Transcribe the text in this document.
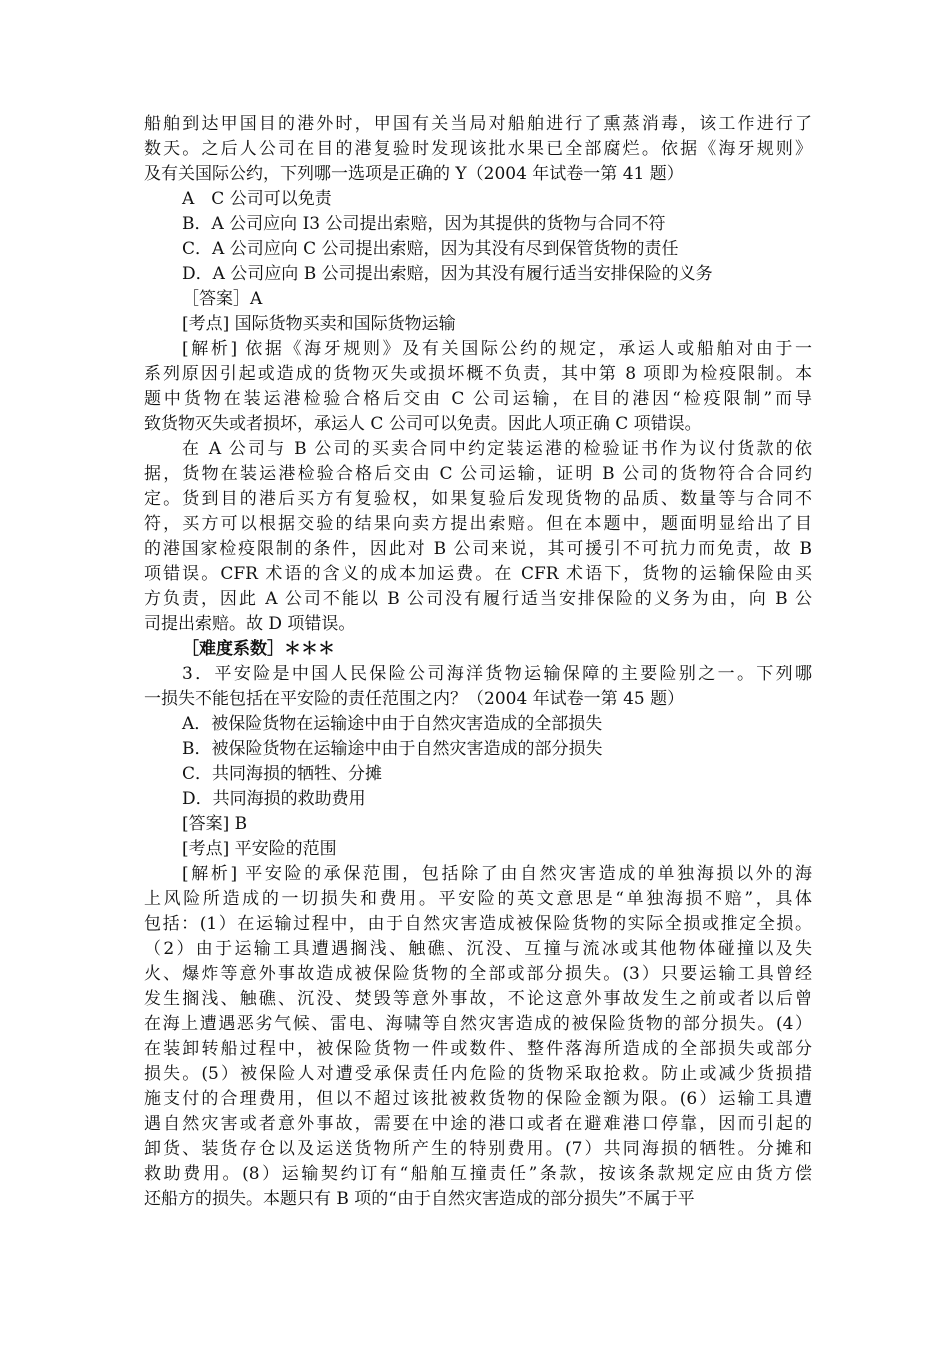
船舶到达甲国目的港外时，甲国有关当局对船舶进行了熏蒸消毒，该工作进行了
数天。之后人公司在目的港复验时发现该批水果已全部腐烂。依据《海牙规则》
及有关国际公约，下列哪一选项是正确的 Y（2004 年试卷一第 41 题）
A　C 公司可以免责
B．A 公司应向 I3 公司提出索赔，因为其提供的货物与合同不符
C．A 公司应向 C 公司提出索赔，因为其没有尽到保管货物的责任
D．A 公司应向 B 公司提出索赔，因为其没有履行适当安排保险的义务
［答案］A
[考点] 国际货物买卖和国际货物运输
[解析] 依据《海牙规则》及有关国际公约的规定，承运人或船舶对由于一
系列原因引起或造成的货物灭失或损坏概不负责，其中第 8 项即为检疫限制。本
题中货物在装运港检验合格后交由 C 公司运输，在目的港因“检疫限制”而导
致货物灭失或者损坏，承运人 C 公司可以免责。因此人项正确 C 项错误。
在 A 公司与 B 公司的买卖合同中约定装运港的检验证书作为议付货款的依
据，货物在装运港检验合格后交由 C 公司运输，证明 B 公司的货物符合合同约
定。货到目的港后买方有复验权，如果复验后发现货物的品质、数量等与合同不
符，买方可以根据交验的结果向卖方提出索赔。但在本题中，题面明显给出了目
的港国家检疫限制的条件，因此对 B 公司来说，其可援引不可抗力而免责，故 B
项错误。CFR 术语的含义的成本加运费。在 CFR 术语下，货物的运输保险由买
方负责，因此 A 公司不能以 B 公司没有履行适当安排保险的义务为由，向 B 公
司提出索赔。故 D 项错误。
［难度系数］＊＊＊
3．平安险是中国人民保险公司海洋货物运输保障的主要险别之一。下列哪
一损失不能包括在平安险的责任范围之内？（2004 年试卷一第 45 题）
A．被保险货物在运输途中由于自然灾害造成的全部损失
B．被保险货物在运输途中由于自然灾害造成的部分损失
C．共同海损的牺牲、分摊
D．共同海损的救助费用
[答案] B
[考点] 平安险的范围
[解析] 平安险的承保范围，包括除了由自然灾害造成的单独海损以外的海
上风险所造成的一切损失和费用。平安险的英文意思是“单独海损不赔”，具体
包括：(1）在运输过程中，由于自然灾害造成被保险货物的实际全损或推定全损。
（2）由于运输工具遭遇搁浅、触礁、沉没、互撞与流冰或其他物体碰撞以及失
火、爆炸等意外事故造成被保险货物的全部或部分损失。(3）只要运输工具曾经
发生搁浅、触礁、沉没、焚毁等意外事故，不论这意外事故发生之前或者以后曾
在海上遭遇恶劣气候、雷电、海啸等自然灾害造成的被保险货物的部分损失。(4）
在装卸转船过程中，被保险货物一件或数件、整件落海所造成的全部损失或部分
损失。(5）被保险人对遭受承保责任内危险的货物采取抢救。防止或减少货损措
施支付的合理费用，但以不超过该批被救货物的保险金额为限。(6）运输工具遭
遇自然灾害或者意外事故，需要在中途的港口或者在避难港口停靠，因而引起的
卸货、装货存仓以及运送货物所产生的特别费用。(7）共同海损的牺牲。分摊和
救助费用。(8）运输契约订有“船舶互撞责任”条款，按该条款规定应由货方偿
还船方的损失。本题只有 B 项的“由于自然灾害造成的部分损失”不属于平
